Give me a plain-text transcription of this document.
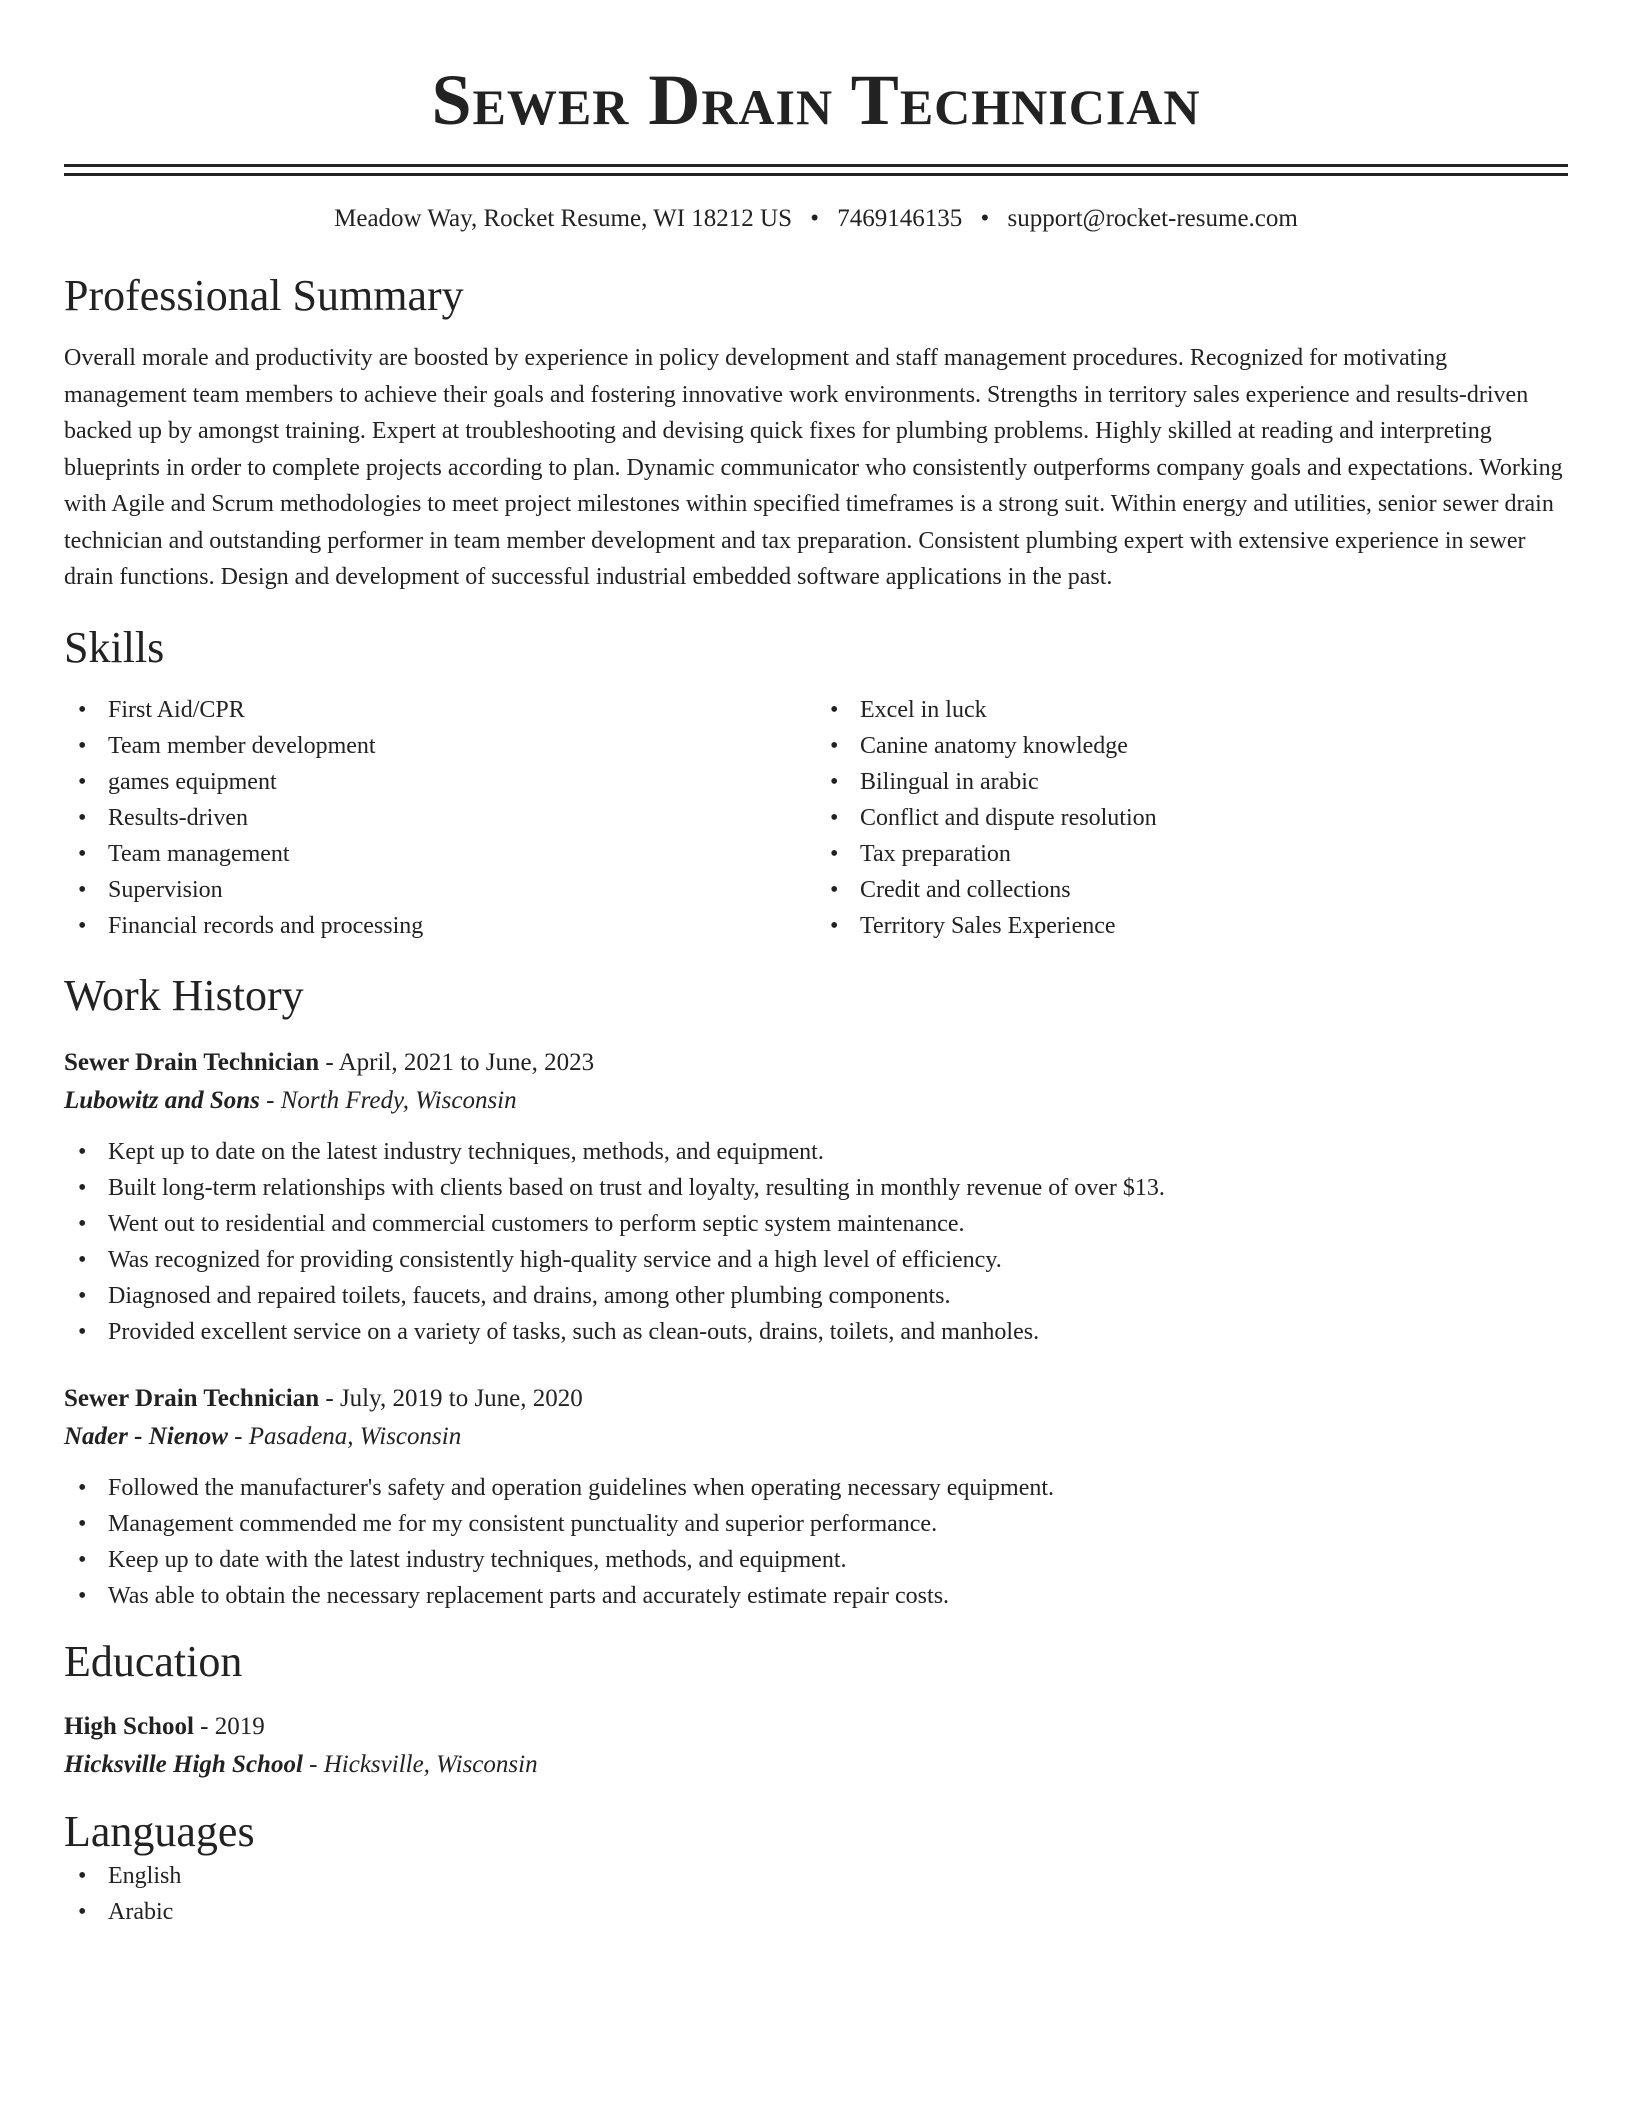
Sewer Drain Technician
Meadow Way, Rocket Resume, WI 18212 US • 7469146135 • support@rocket-resume.com
Professional Summary

Overall morale and productivity are boosted by experience in policy development and staff management procedures. Recognized for motivating management team members to achieve their goals and fostering innovative work environments. Strengths in territory sales experience and results-driven backed up by amongst training. Expert at troubleshooting and devising quick fixes for plumbing problems. Highly skilled at reading and interpreting blueprints in order to complete projects according to plan. Dynamic communicator who consistently outperforms company goals and expectations. Working with Agile and Scrum methodologies to meet project milestones within specified timeframes is a strong suit. Within energy and utilities, senior sewer drain technician and outstanding performer in team member development and tax preparation. Consistent plumbing expert with extensive experience in sewer drain functions. Design and development of successful industrial embedded software applications in the past.

Skills
• First Aid/CPR
• Team member development
• games equipment
• Results-driven
• Team management
• Supervision
• Financial records and processing
• Excel in luck
• Canine anatomy knowledge
• Bilingual in arabic
• Conflict and dispute resolution
• Tax preparation
• Credit and collections
• Territory Sales Experience
Work History
Sewer Drain Technician - April, 2021 to June, 2023
Lubowitz and Sons - North Fredy, Wisconsin
• Kept up to date on the latest industry techniques, methods, and equipment.
• Built long-term relationships with clients based on trust and loyalty, resulting in monthly revenue of over $13.
• Went out to residential and commercial customers to perform septic system maintenance.
• Was recognized for providing consistently high-quality service and a high level of efficiency.
• Diagnosed and repaired toilets, faucets, and drains, among other plumbing components.
• Provided excellent service on a variety of tasks, such as clean-outs, drains, toilets, and manholes.
Sewer Drain Technician - July, 2019 to June, 2020
Nader - Nienow - Pasadena, Wisconsin
• Followed the manufacturer's safety and operation guidelines when operating necessary equipment.
• Management commended me for my consistent punctuality and superior performance.
• Keep up to date with the latest industry techniques, methods, and equipment.
• Was able to obtain the necessary replacement parts and accurately estimate repair costs.
Education
High School - 2019
Hicksville High School - Hicksville, Wisconsin
Languages
• English
• Arabic
